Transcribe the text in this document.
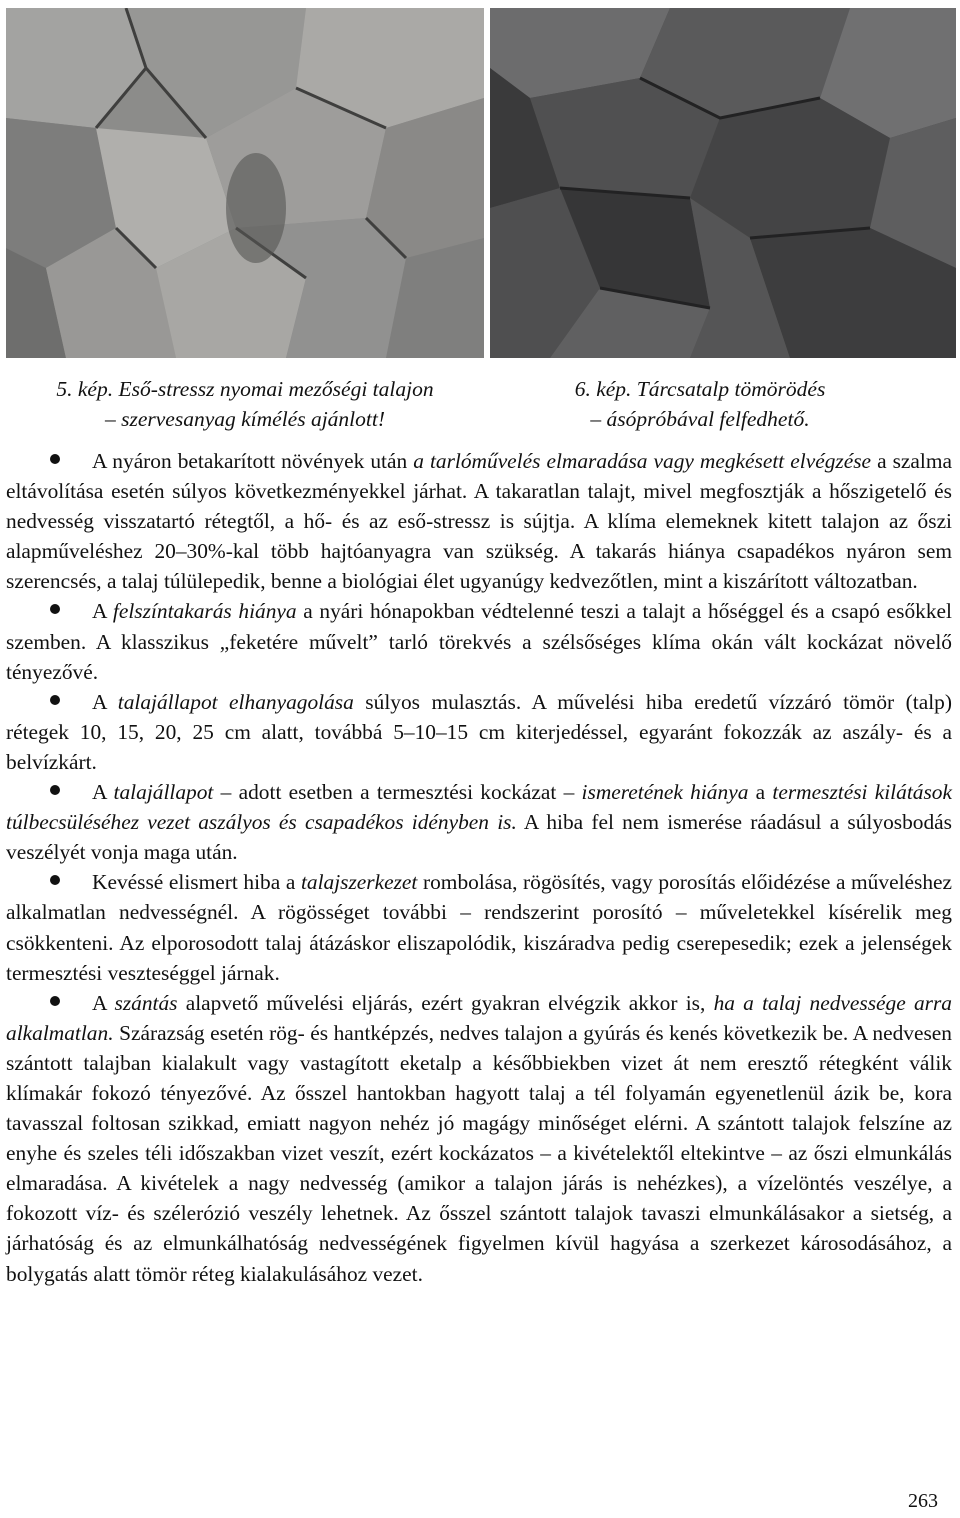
5. kép. Eső-stressz nyomai mezőségi talajon
– szervesanyag kímélés ajánlott!
6. kép. Tárcsatalp tömörödés
– ásópróbával felfedhető.

A nyáron betakarított növények után a tarlóművelés elmaradása vagy megkésett elvégzése a szalma eltávolítása esetén súlyos következményekkel járhat. A takaratlan talajt, mivel megfosztják a hőszigetelő és nedvesség visszatartó rétegtől, a hő- és az eső-stressz is sújtja. A klíma elemeknek kitett talajon az őszi alapműveléshez 20–30%-kal több hajtóanyagra van szükség. A takarás hiánya csapadékos nyáron sem szerencsés, a talaj túlülepedik, benne a biológiai élet ugyanúgy kedvezőtlen, mint a kiszárított változatban.

A felszíntakarás hiánya a nyári hónapokban védtelenné teszi a talajt a hőséggel és a csapó esőkkel szemben. A klasszikus „feketére művelt” tarló törekvés a szélsőséges klíma okán vált kockázat növelő tényezővé.

A talajállapot elhanyagolása súlyos mulasztás. A művelési hiba eredetű vízzáró tömör (talp) rétegek 10, 15, 20, 25 cm alatt, továbbá 5–10–15 cm kiterjedéssel, egyaránt fokozzák az aszály- és a belvízkárt.

A talajállapot – adott esetben a termesztési kockázat – ismeretének hiánya a termesztési kilátások túlbecsüléséhez vezet aszályos és csapadékos idényben is. A hiba fel nem ismerése ráadásul a súlyosbodás veszélyét vonja maga után.

Kevéssé elismert hiba a talajszerkezet rombolása, rögösítés, vagy porosítás előidézése a műveléshez alkalmatlan nedvességnél. A rögösséget további – rendszerint porosító – műveletekkel kísérelik meg csökkenteni. Az elporosodott talaj átázáskor eliszapolódik, kiszáradva pedig cserepesedik; ezek a jelenségek termesztési veszteséggel járnak.

A szántás alapvető művelési eljárás, ezért gyakran elvégzik akkor is, ha a talaj nedvessége arra alkalmatlan. Szárazság esetén rög- és hantképzés, nedves talajon a gyúrás és kenés következik be. A nedvesen szántott talajban kialakult vagy vastagított eketalp a későbbiekben vizet át nem eresztő rétegként válik klímakár fokozó tényezővé. Az ősszel hantokban hagyott talaj a tél folyamán egyenetlenül ázik be, kora tavasszal foltosan szikkad, emiatt nagyon nehéz jó magágy minőséget elérni. A szántott talajok felszíne az enyhe és szeles téli időszakban vizet veszít, ezért kockázatos – a kivételektől eltekintve – az őszi elmunkálás elmaradása. A kivételek a nagy nedvesség (amikor a talajon járás is nehézkes), a vízelöntés veszélye, a fokozott víz- és szélerózió veszély lehetnek. Az ősszel szántott talajok tavaszi elmunkálásakor a sietség, a járhatóság és az elmunkálhatóság nedvességének figyelmen kívül hagyása a szerkezet károsodásához, a bolygatás alatt tömör réteg kialakulásához vezet.

263
